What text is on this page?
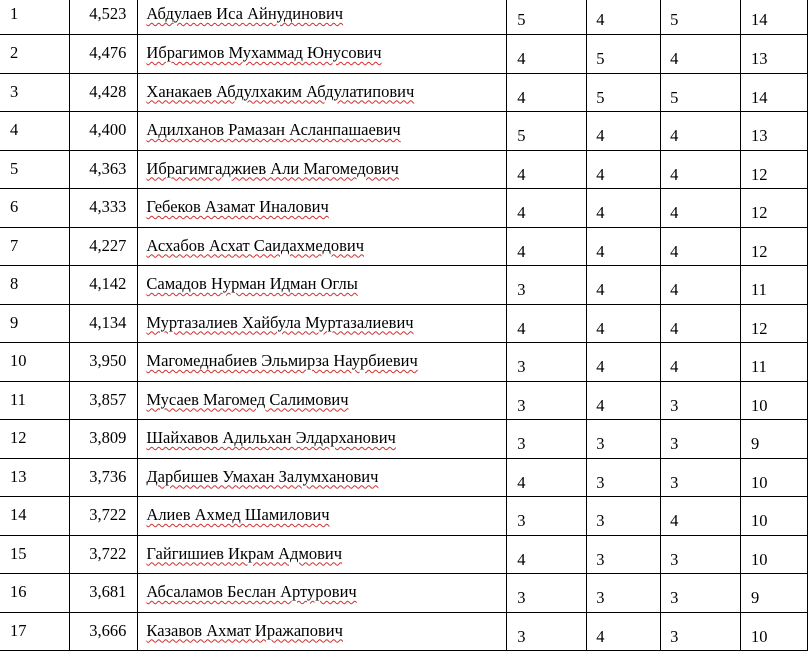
1	4,523	Абдулаев Иса Айнудинович	5	4	5	14
2	4,476	Ибрагимов Мухаммад Юнусович	4	5	4	13
3	4,428	Ханакаев Абдулхаким Абдулатипович	4	5	5	14
4	4,400	Адилханов Рамазан Асланпашаевич	5	4	4	13
5	4,363	Ибрагимгаджиев Али Магомедович	4	4	4	12
6	4,333	Гебеков Азамат Иналович	4	4	4	12
7	4,227	Асхабов Асхат Саидахмедович	4	4	4	12
8	4,142	Самадов Нурман Идман Оглы	3	4	4	11
9	4,134	Муртазалиев Хайбула Муртазалиевич	4	4	4	12
10	3,950	Магомеднабиев Эльмирза Наурбиевич	3	4	4	11
11	3,857	Мусаев Магомед Салимович	3	4	3	10
12	3,809	Шайхавов Адильхан Элдарханович	3	3	3	9
13	3,736	Дарбишев Умахан Залумханович	4	3	3	10
14	3,722	Алиев Ахмед Шамилович	3	3	4	10
15	3,722	Гайгишиев Икрам Адмович	4	3	3	10
16	3,681	Абсаламов Беслан Артурович	3	3	3	9
17	3,666	Казавов Ахмат Иражапович	3	4	3	10
